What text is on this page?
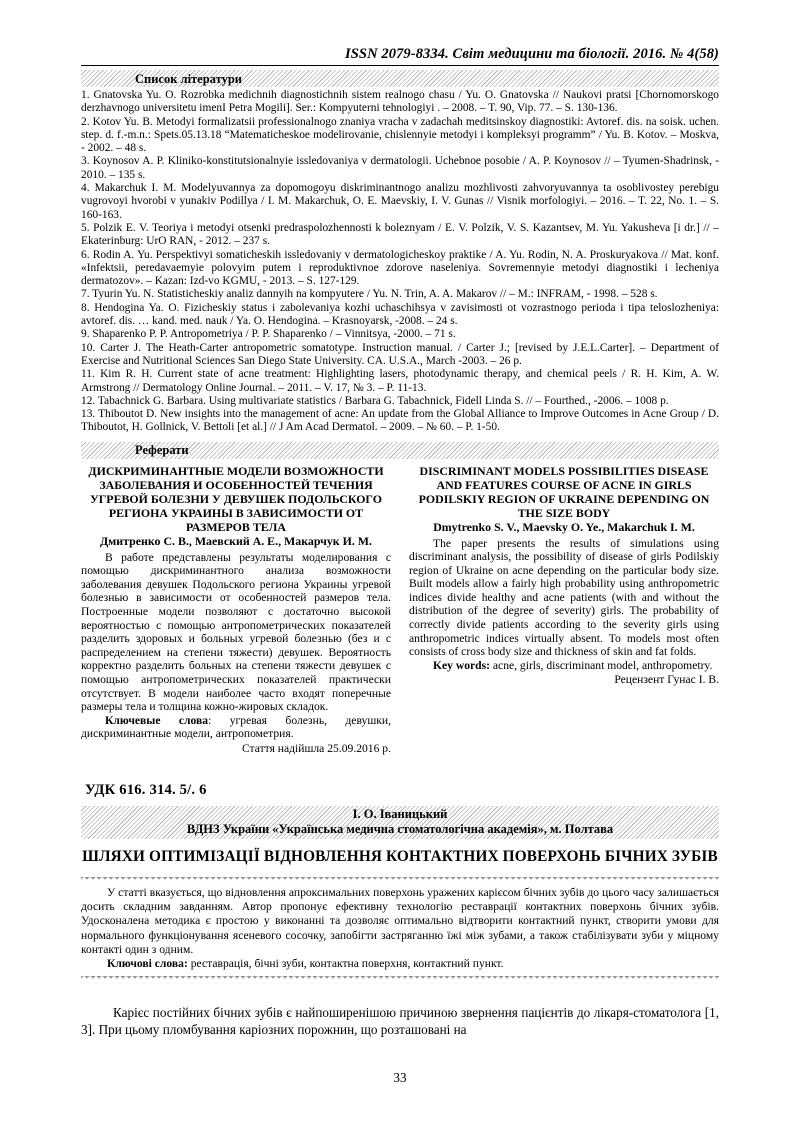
ISSN 2079-8334. Світ медицини та біології. 2016. № 4(58)
Список літератури

1. Gnatovska Yu. O. Rozrobka medichnih diagnostichnih sistem realnogo chasu / Yu. O. Gnatovska // Naukovi pratsi [Chornomorskogo derzhavnogo universitetu imenI Petra Mogili]. Ser.: Kompyuterni tehnologiyi . – 2008. – T. 90, Vip. 77. – S. 130-136.

2. Kotov Yu. B. Metodyi formalizatsii professionalnogo znaniya vracha v zadachah meditsinskoy diagnostiki: Avtoref. dis. na soisk. uchen. step. d. f.-m.n.: Spets.05.13.18 “Matematicheskoe modelirovanie, chislennyie metodyi i kompleksyi programm” / Yu. B. Kotov. – Moskva, - 2002. – 48 s.

3. Koynosov A. P. Kliniko-konstitutsionalnyie issledovaniya v dermatologii. Uchebnoe posobie / A. P. Koynosov // – Tyumen-Shadrinsk, - 2010. – 135 s.

4. Makarchuk I. M. Modelyuvannya za dopomogoyu diskriminantnogo analizu mozhlivosti zahvoryuvannya ta osoblivostey perebigu vugrovoyi hvorobi v yunakiv Podillya / I. M. Makarchuk, O. E. Maevskiy, I. V. Gunas // Visnik morfologiyi. – 2016. – T. 22, No. 1. – S. 160-163.

5. Polzik E. V. Teoriya i metodyi otsenki predraspolozhennosti k boleznyam / E. V. Polzik, V. S. Kazantsev, M. Yu. Yakusheva [i dr.] // – Ekaterinburg: UrO RAN, - 2012. – 237 s.

6. Rodin A. Yu. Perspektivyi somaticheskih issledovaniy v dermatologicheskoy praktike / A. Yu. Rodin, N. A. Proskuryakova // Mat. konf. «Infektsii, peredavaemyie polovyim putem i reproduktivnoe zdorove naseleniya. Sovremennyie metodyi diagnostiki i lecheniya dermatozov». – Kazan: Izd-vo KGMU, - 2013. – S. 127-129.

7. Tyurin Yu. N. Statisticheskiy analiz dannyih na kompyutere / Yu. N. Trin, A. A. Makarov // – M.: INFRAM, - 1998. – 528 s.

8. Hendogina Ya. O. Fizicheskiy status i zabolevaniya kozhi uchaschihsya v zavisimosti ot vozrastnogo perioda i tipa teloslozheniya: avtoref. dis. … kand. med. nauk / Ya. O. Hendogina. – Krasnoyarsk, -2008. – 24 s.

9. Shaparenko P. P. Antropometriya / P. P. Shaparenko / – Vinnitsya, -2000. – 71 s.

10. Carter J. The Heath-Carter antropometric somatotype. Instruction manual. / Carter J.; [revised by J.E.L.Carter]. – Department of Exercise and Nutritional Sciences San Diego State University. CA. U.S.A., March -2003. – 26 p.

11. Kim R. H. Current state of acne treatment: Highlighting lasers, photodynamic therapy, and chemical peels / R. H. Kim, A. W. Armstrong // Dermatology Online Journal. – 2011. – V. 17, № 3. – P. 11-13.

12. Tabachnick G. Barbara. Using multivariate statistics / Barbara G. Tabachnick, Fidell Linda S. // – Fourthed., -2006. – 1008 p.

13. Thiboutot D. New insights into the management of acne: An update from the Global Alliance to Improve Outcomes in Acne Group / D. Thiboutot, H. Gollnick, V. Bettoli [et al.] // J Am Acad Dermatol. – 2009. – № 60. – P. 1-50.

Реферати

ДИСКРИМИНАНТНЫЕ МОДЕЛИ ВОЗМОЖНОСТИ ЗАБОЛЕВАНИЯ И ОСОБЕННОСТЕЙ ТЕЧЕНИЯ УГРЕВОЙ БОЛЕЗНИ У ДЕВУШЕК ПОДОЛЬСКОГО РЕГИОНА УКРАИНЫ В ЗАВИСИМОСТИ ОТ РАЗМЕРОВ ТЕЛА

Дмитренко С. В., Маевский А. Е., Макарчук И. М.

В работе представлены результаты моделирования с помощью дискриминантного анализа возможности заболевания девушек Подольского региона Украины угревой болезнью в зависимости от особенностей размеров тела. Построенные модели позволяют с достаточно высокой вероятностью с помощью антропометрических показателей разделить здоровых и больных угревой болезнью (без и с распределением на степени тяжести) девушек. Вероятность корректно разделить больных на степени тяжести девушек с помощью антропометрических показателей практически отсутствует. В модели наиболее часто входят поперечные размеры тела и толщина кожно-жировых складок.

Ключевые слова: угревая болезнь, девушки, дискриминантные модели, антропометрия.

Стаття надійшла 25.09.2016 р.

DISCRIMINANT MODELS POSSIBILITIES DISEASE AND FEATURES COURSE OF ACNE IN GIRLS PODILSKIY REGION OF UKRAINE DEPENDING ON THE SIZE BODY

Dmytrenko S. V., Maevsky O. Ye., Makarchuk I. M.

The paper presents the results of simulations using discriminant analysis, the possibility of disease of girls Podilskiy region of Ukraine on acne depending on the particular body size. Built models allow a fairly high probability using anthropometric indices divide healthy and acne patients (with and without the distribution of the degree of severity) girls. The probability of correctly divide patients according to the severity girls using anthropometric indices virtually absent. To models most often consists of cross body size and thickness of skin and fat folds.

Key words: acne, girls, discriminant model, anthropometry.

Рецензент Гунас І. В.

УДК 616. 314. 5/. 6
І. О. Іваницький
ВДНЗ України «Українська медична стоматологічна академія», м. Полтава
ШЛЯХИ ОПТИМІЗАЦІЇ ВІДНОВЛЕННЯ КОНТАКТНИХ ПОВЕРХОНЬ БІЧНИХ ЗУБІВ

У статті вказується, що відновлення апроксимальних поверхонь уражених карієсом бічних зубів до цього часу залишається досить складним завданням. Автор пропонує ефективну технологію реставрації контактних поверхонь бічних зубів. Удосконалена методика є простою у виконанні та дозволяє оптимально відтворити контактний пункт, створити умови для нормального функціонування ясеневого сосочку, запобігти застряганню їжі між зубами, а також стабілізувати зуби у міцному контакті один з одним.

Ключові слова: реставрація, бічні зуби, контактна поверхня, контактний пункт.

Карієс постійних бічних зубів є найпоширенішою причиною звернення пацієнтів до лікаря-стоматолога [1, 3]. При цьому пломбування каріозних порожнин, що розташовані на

33
